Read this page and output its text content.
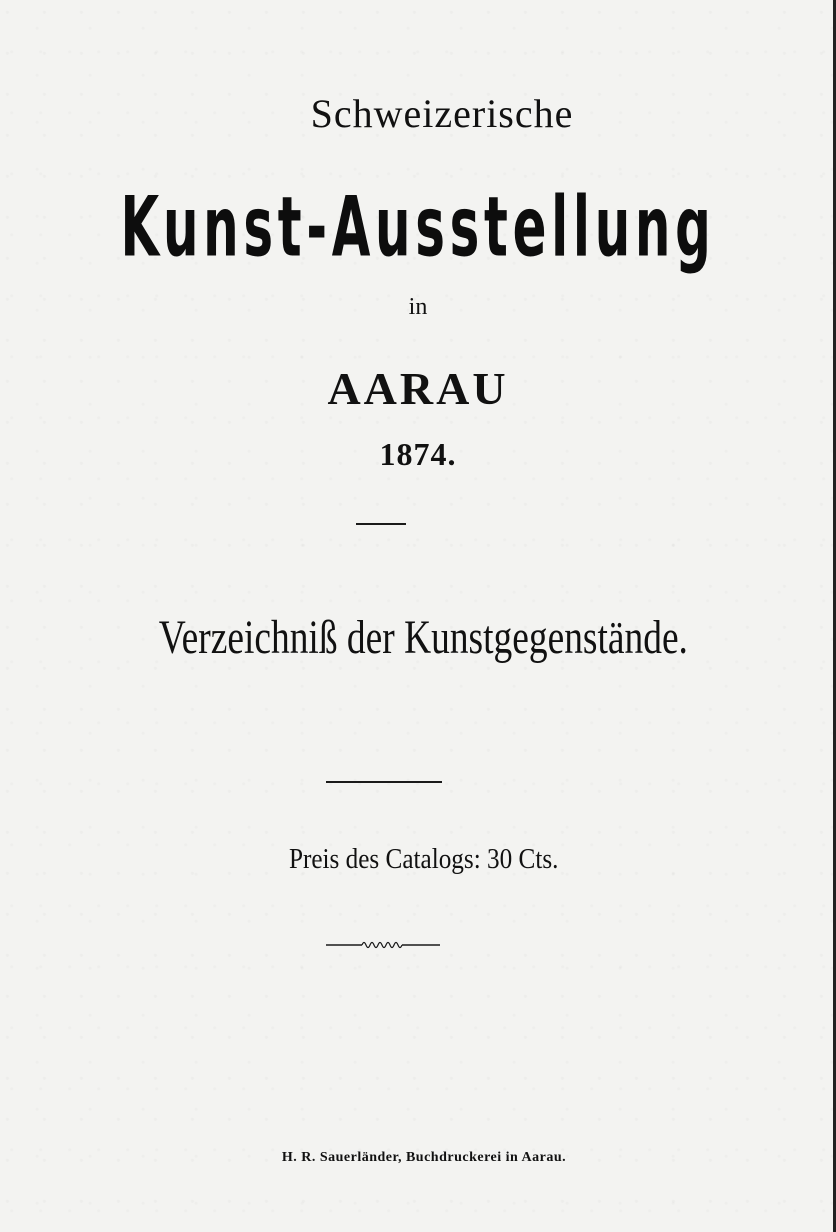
Schweizerische
Kunst-Ausstellung
in
AARAU
1874.
Verzeichniß der Kunstgegenstände.
Preis des Catalogs: 30 Cts.
H. R. Sauerländer, Buchdruckerei in Aarau.
